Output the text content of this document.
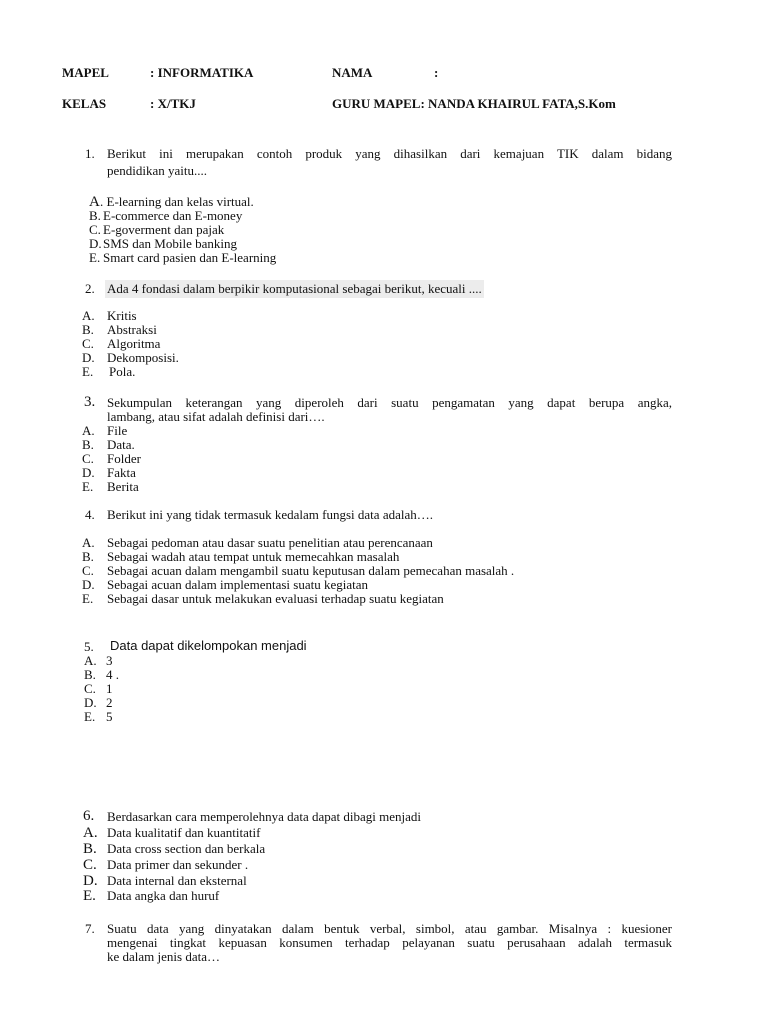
MAPEL	: INFORMATIKA	NAMA	:
KELAS	: X/TKJ	GURU MAPEL: NANDA KHAIRUL FATA,S.Kom
1. Berikut ini merupakan contoh produk yang dihasilkan dari kemajuan TIK dalam bidang
pendidikan yaitu....
A . E-learning dan kelas virtual.
B. E-commerce dan E-money
C. E-goverment dan pajak
D. SMS dan Mobile banking
E. Smart card pasien dan E-learning
2. Ada 4 fondasi dalam berpikir komputasional sebagai berikut, kecuali ....
A. Kritis
B. Abstraksi
C. Algoritma
D. Dekomposisi.
E. Pola.
3. Sekumpulan keterangan yang diperoleh dari suatu pengamatan yang dapat berupa angka,
lambang, atau sifat adalah definisi dari….
A. File
B. Data.
C. Folder
D. Fakta
E. Berita
4. Berikut ini yang tidak termasuk kedalam fungsi data adalah….
A. Sebagai pedoman atau dasar suatu penelitian atau perencanaan
B. Sebagai wadah atau tempat untuk memecahkan masalah
C. Sebagai acuan dalam mengambil suatu keputusan dalam pemecahan masalah .
D. Sebagai acuan dalam implementasi suatu kegiatan
E. Sebagai dasar untuk melakukan evaluasi terhadap suatu kegiatan
5. Data dapat dikelompokan menjadi
A. 3
B. 4 .
C. 1
D. 2
E. 5
6. Berdasarkan cara memperolehnya data dapat dibagi menjadi
A. Data kualitatif dan kuantitatif
B. Data cross section dan berkala
C. Data primer dan sekunder .
D. Data internal dan eksternal
E. Data angka dan huruf
7. Suatu data yang dinyatakan dalam bentuk verbal, simbol, atau gambar. Misalnya : kuesioner
mengenai tingkat kepuasan konsumen terhadap pelayanan suatu perusahaan adalah termasuk
ke dalam jenis data…
